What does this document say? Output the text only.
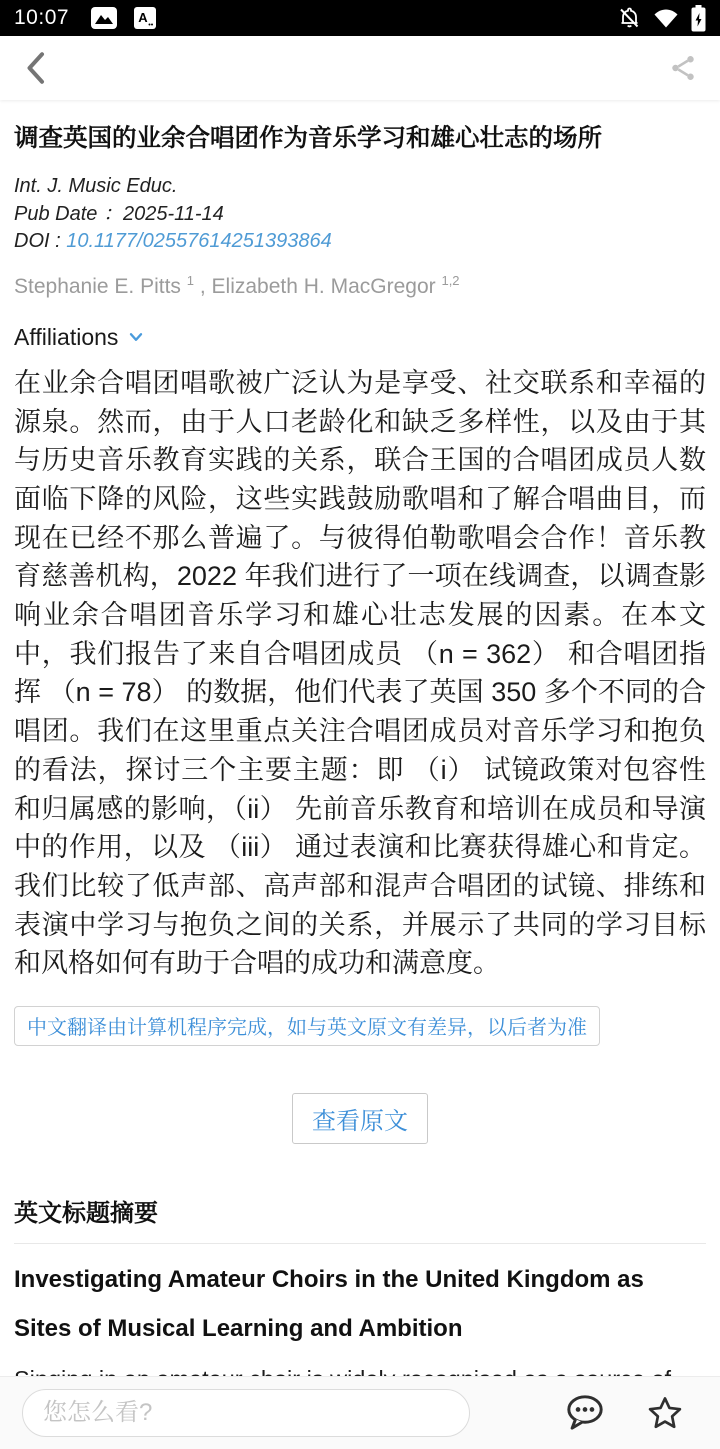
10:07	A
调查英国的业余合唱团作为音乐学习和雄心壮志的场所
Int. J. Music Educ.
Pub Date ：2025-11-14
DOI : 10.1177/02557614251393864
Stephanie E. Pitts $^1$ , Elizabeth H. MacGregor $^{1,2}$
Affiliations
在业余合唱团唱歌被广泛认为是享受、社交联系和幸福的源泉。然而，由于人口老龄化和缺乏多样性，以及由于其与历史音乐教育实践的关系，联合王国的合唱团成员人数面临下降的风险，这些实践鼓励歌唱和了解合唱曲目，而现在已经不那么普遍了。与彼得伯勒歌唱会合作！音乐教育慈善机构，2022 年我们进行了一项在线调查，以调查影响业余合唱团音乐学习和雄心壮志发展的因素。在本文中，我们报告了来自合唱团成员 （n = 362） 和合唱团指挥 （n = 78） 的数据，他们代表了英国 350 多个不同的合唱团。我们在这里重点关注合唱团成员对音乐学习和抱负的看法，探讨三个主要主题：即 （i） 试镜政策对包容性和归属感的影响，（ii） 先前音乐教育和培训在成员和导演中的作用，以及 （iii） 通过表演和比赛获得雄心和肯定。我们比较了低声部、高声部和混声合唱团的试镜、排练和表演中学习与抱负之间的关系，并展示了共同的学习目标和风格如何有助于合唱的成功和满意度。
中文翻译由计算机程序完成，如与英文原文有差异，以后者为准
查看原文
英文标题摘要
Investigating Amateur Choirs in the United Kingdom as Sites of Musical Learning and Ambition
您怎么看?
